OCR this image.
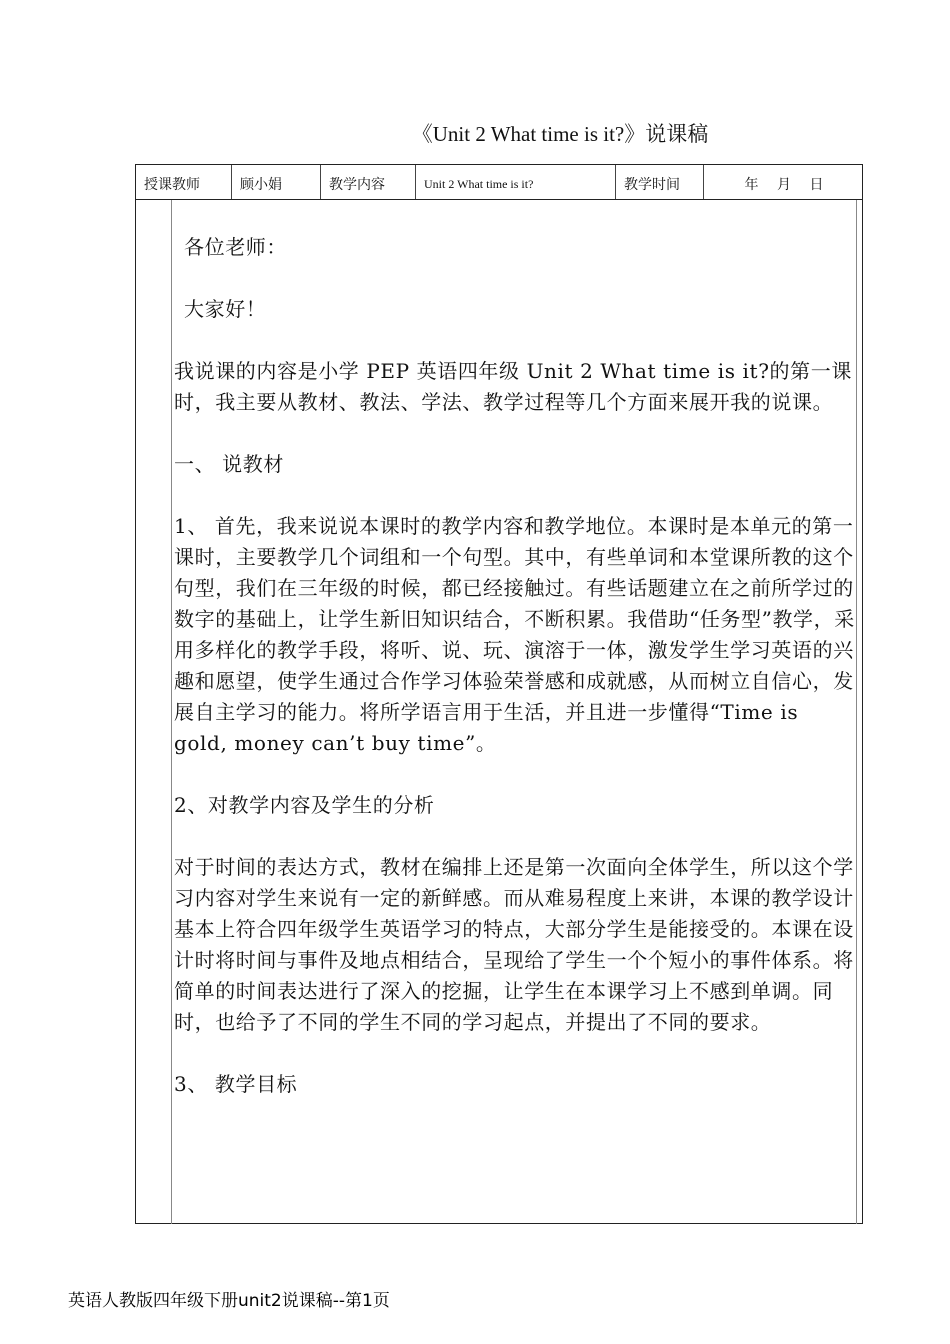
《Unit 2 What time is it?》说课稿
授课教师	顾小娟	教学内容	Unit 2 What time is it?	教学时间	年 月 日

各位老师：

大家好！

我说课的内容是小学 PEP 英语四年级 Unit 2 What time is it?的第一课时，我主要从教材、教法、学法、教学过程等几个方面来展开我的说课。

一、 说教材

1、 首先，我来说说本课时的教学内容和教学地位。本课时是本单元的第一课时，主要教学几个词组和一个句型。其中，有些单词和本堂课所教的这个句型，我们在三年级的时候，都已经接触过。有些话题建立在之前所学过的数字的基础上，让学生新旧知识结合，不断积累。我借助“任务型”教学，采用多样化的教学手段，将听、说、玩、演溶于一体，激发学生学习英语的兴趣和愿望，使学生通过合作学习体验荣誉感和成就感，从而树立自信心，发展自主学习的能力。将所学语言用于生活，并且进一步懂得“Time is gold, money can’t buy time”。

2、对教学内容及学生的分析

对于时间的表达方式，教材在编排上还是第一次面向全体学生，所以这个学习内容对学生来说有一定的新鲜感。而从难易程度上来讲，本课的教学设计基本上符合四年级学生英语学习的特点，大部分学生是能接受的。本课在设计时将时间与事件及地点相结合，呈现给了学生一个个短小的事件体系。将简单的时间表达进行了深入的挖掘，让学生在本课学习上不感到单调。同时，也给予了不同的学生不同的学习起点，并提出了不同的要求。

3、 教学目标

英语人教版四年级下册unit2说课稿--第1页
